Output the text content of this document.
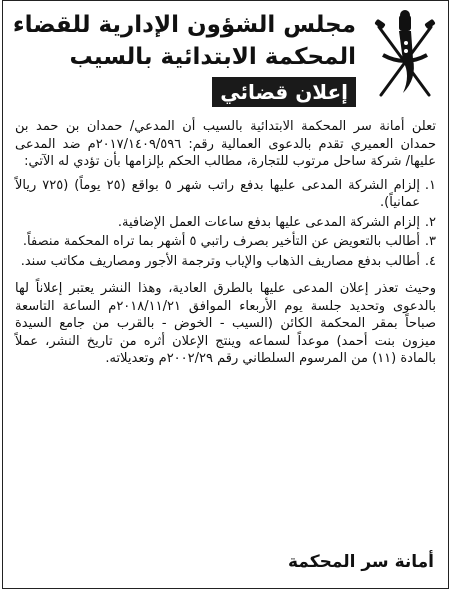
مجلس الشؤون الإدارية للقضاء
المحكمة الابتدائية بالسيب
إعلان قضائي

تعلن أمانة سر المحكمة الابتدائية بالسيب أن المدعي/ حمدان بن حمد بن حمدان العميري تقدم بالدعوى العمالية رقم: ٢٠١٧/١٤٠٩/٥٩٦م ضد المدعى عليها/ شركة ساحل مرتوب للتجارة، مطالب الحكم بإلزامها بأن تؤدي له الآتي:

١.
إلزام الشركة المدعى عليها بدفع راتب شهر ٥ بواقع (٢٥ يوماً) (٧٢٥ ريالاً عمانياً).
٢.
إلزام الشركة المدعى عليها بدفع ساعات العمل الإضافية.
٣.
أطالب بالتعويض عن التأخير بصرف راتبي ٥ أشهر بما تراه المحكمة منصفاً.
٤.
أطالب بدفع مصاريف الذهاب والإياب وترجمة الأجور ومصاريف مكاتب سند.

وحيث تعذر إعلان المدعى عليها بالطرق العادية، وهذا النشر يعتبر إعلاناً لها بالدعوى وتحديد جلسة يوم الأربعاء الموافق ٢٠١٨/١١/٢١م الساعة التاسعة صباحاً بمقر المحكمة الكائن (السيب - الخوض - بالقرب من جامع السيدة ميزون بنت أحمد) موعداً لسماعه وينتج الإعلان أثره من تاريخ النشر، عملاً بالمادة (١١) من المرسوم السلطاني رقم ٢٠٠٢/٢٩م وتعديلاته.

أمانة سر المحكمة
